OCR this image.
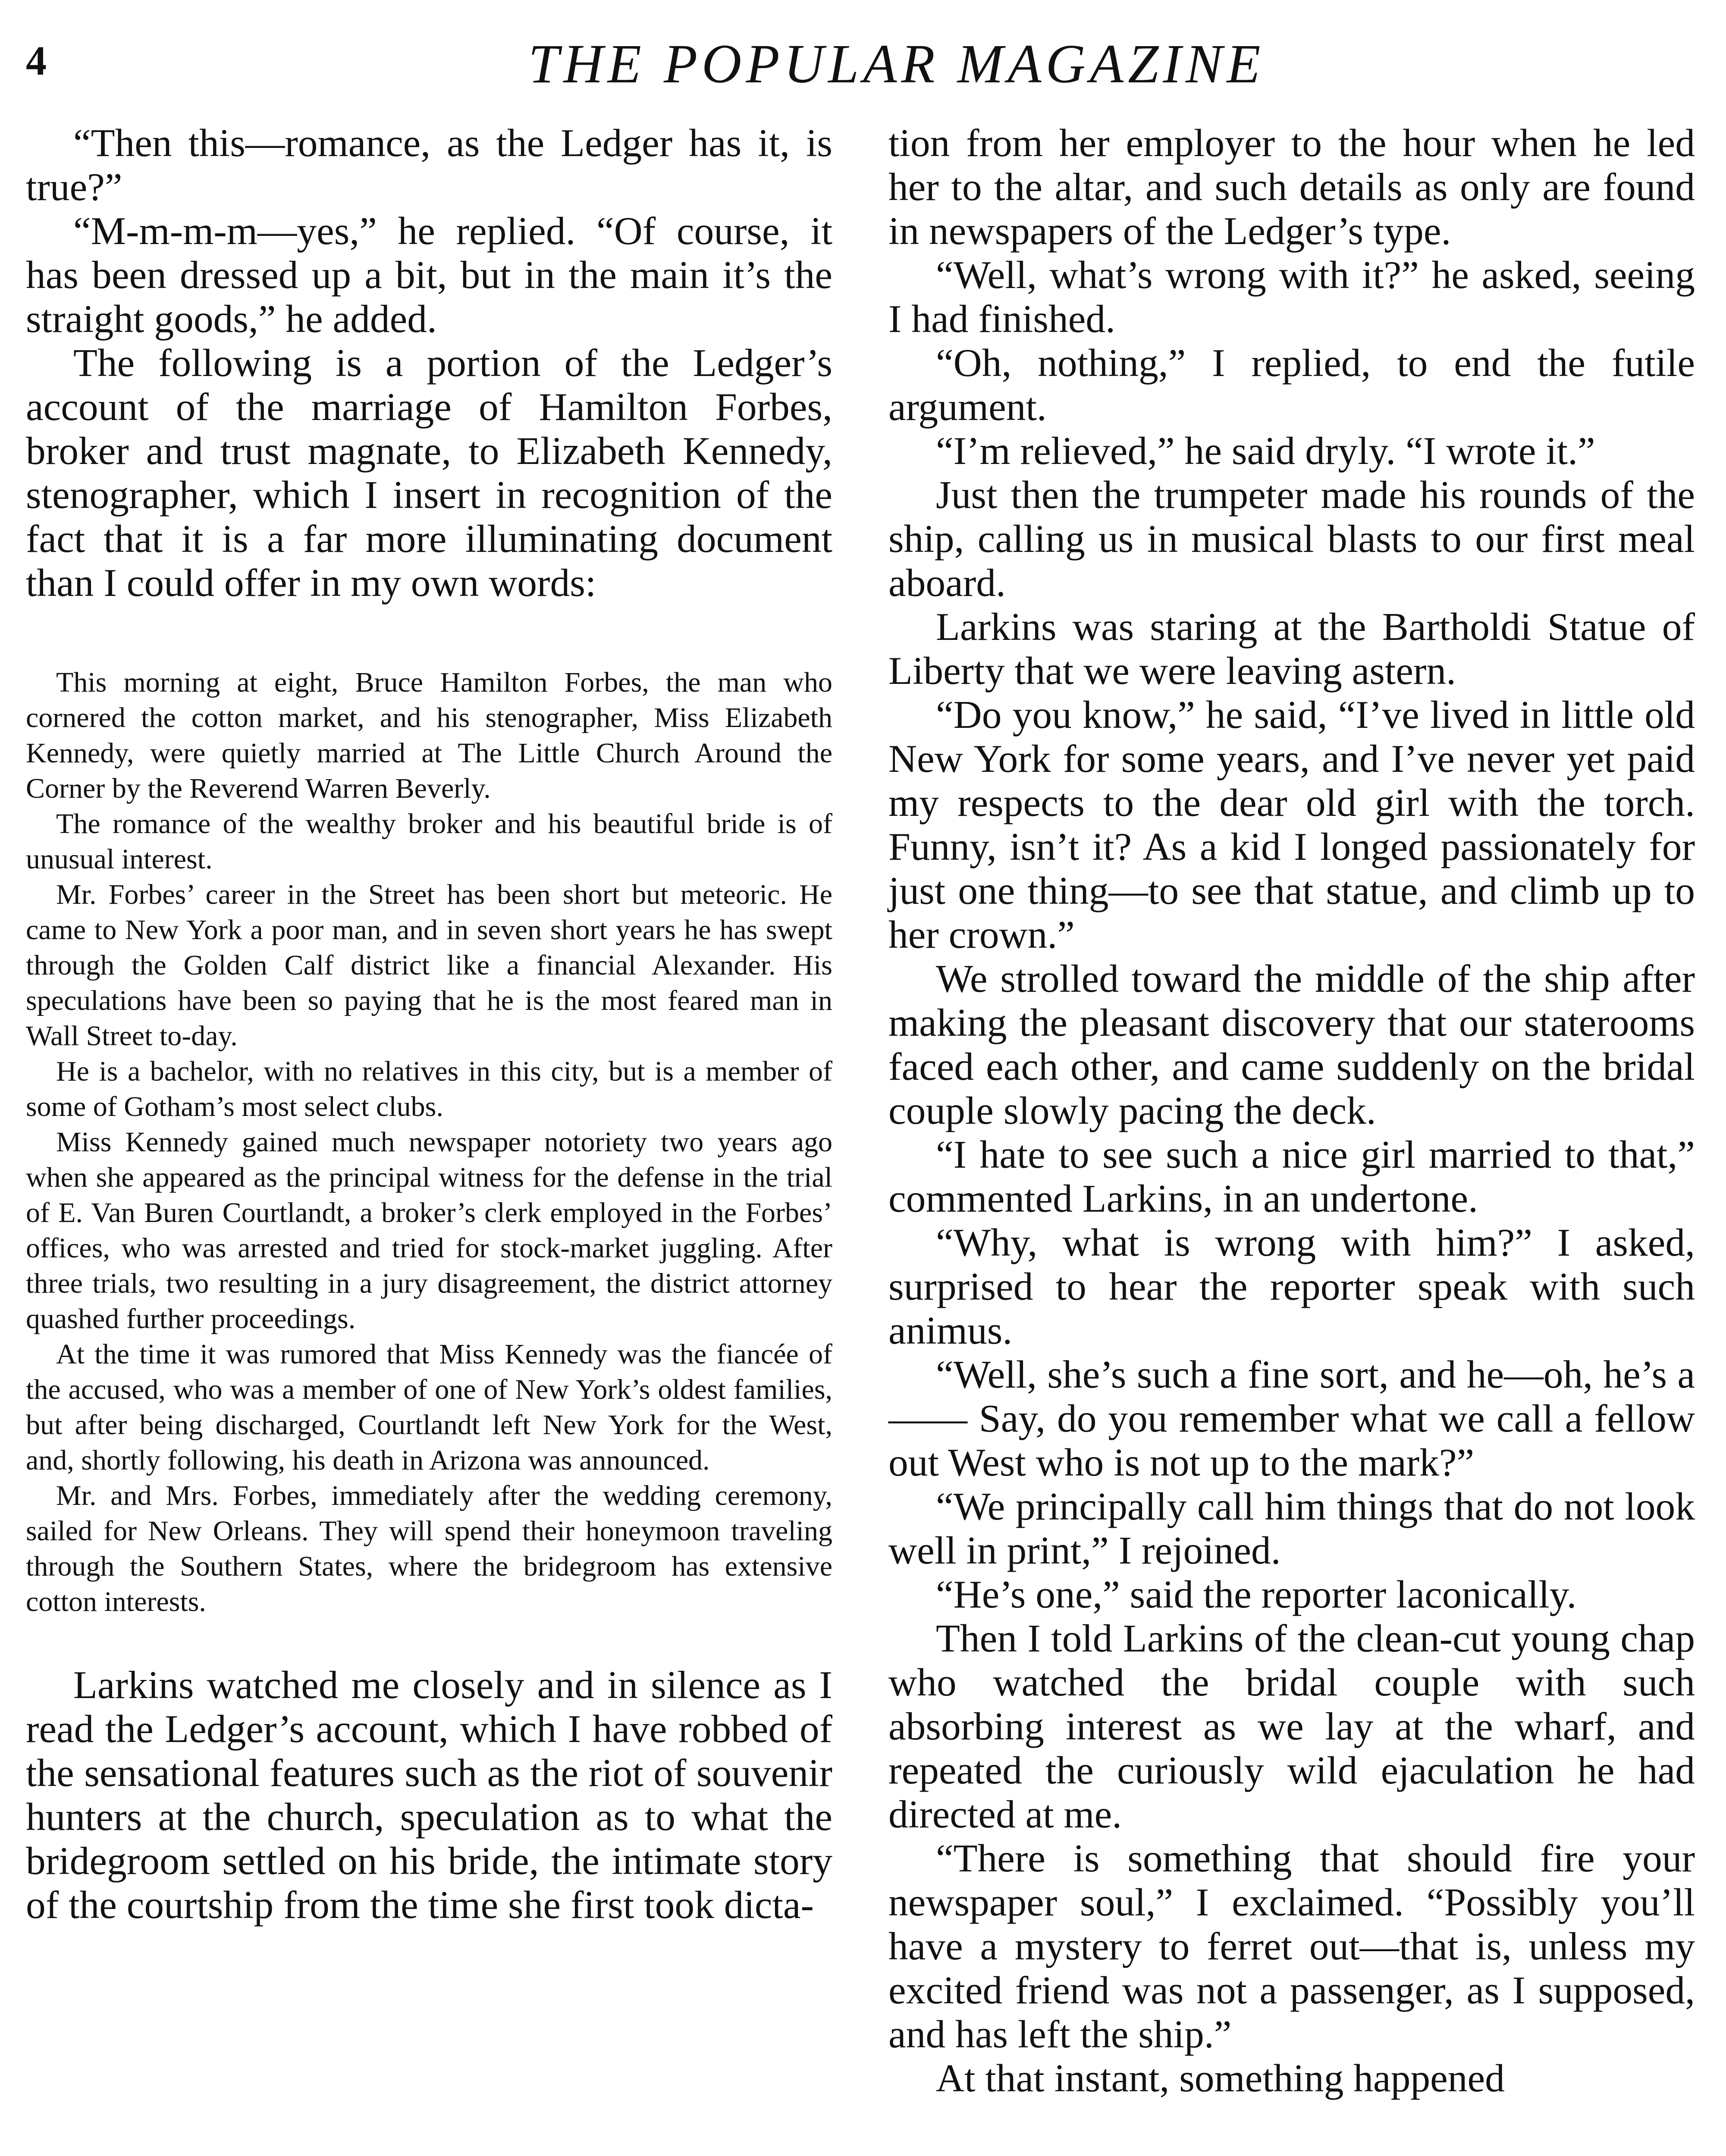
4	THE POPULAR MAGAZINE

“Then this—romance, as the Ledger has it, is true?”

“M-m-m-m—yes,” he replied. “Of course, it has been dressed up a bit, but in the main it’s the straight goods,” he added.

The following is a portion of the Ledger’s account of the marriage of Hamilton Forbes, broker and trust magnate, to Elizabeth Kennedy, stenographer, which I insert in recognition of the fact that it is a far more illuminating document than I could offer in my own words:

This morning at eight, Bruce Hamilton Forbes, the man who cornered the cotton market, and his stenographer, Miss Elizabeth Kennedy, were quietly married at The Little Church Around the Corner by the Reverend Warren Beverly.

The romance of the wealthy broker and his beautiful bride is of unusual interest.

Mr. Forbes’ career in the Street has been short but meteoric. He came to New York a poor man, and in seven short years he has swept through the Golden Calf district like a financial Alexander. His speculations have been so paying that he is the most feared man in Wall Street to-day.

He is a bachelor, with no relatives in this city, but is a member of some of Gotham’s most select clubs.

Miss Kennedy gained much newspaper notoriety two years ago when she appeared as the principal witness for the defense in the trial of E. Van Buren Courtlandt, a broker’s clerk employed in the Forbes’ offices, who was arrested and tried for stock-market juggling. After three trials, two resulting in a jury disagreement, the district attorney quashed further proceedings.

At the time it was rumored that Miss Kennedy was the fiancée of the accused, who was a member of one of New York’s oldest families, but after being discharged, Courtlandt left New York for the West, and, shortly following, his death in Arizona was announced.

Mr. and Mrs. Forbes, immediately after the wedding ceremony, sailed for New Orleans. They will spend their honeymoon traveling through the Southern States, where the bridegroom has extensive cotton interests.

Larkins watched me closely and in silence as I read the Ledger’s account, which I have robbed of the sensational features such as the riot of souvenir hunters at the church, speculation as to what the bridegroom settled on his bride, the intimate story of the courtship from the time she first took dicta-

tion from her employer to the hour when he led her to the altar, and such details as only are found in newspapers of the Ledger’s type.

“Well, what’s wrong with it?” he asked, seeing I had finished.

“Oh, nothing,” I replied, to end the futile argument.

“I’m relieved,” he said dryly. “I wrote it.”

Just then the trumpeter made his rounds of the ship, calling us in musical blasts to our first meal aboard.

Larkins was staring at the Bartholdi Statue of Liberty that we were leaving astern.

“Do you know,” he said, “I’ve lived in little old New York for some years, and I’ve never yet paid my respects to the dear old girl with the torch. Funny, isn’t it? As a kid I longed passionately for just one thing—to see that statue, and climb up to her crown.”

We strolled toward the middle of the ship after making the pleasant discovery that our staterooms faced each other, and came suddenly on the bridal couple slowly pacing the deck.

“I hate to see such a nice girl married to that,” commented Larkins, in an undertone.

“Why, what is wrong with him?” I asked, surprised to hear the reporter speak with such animus.

“Well, she’s such a fine sort, and he—oh, he’s a—— Say, do you remember what we call a fellow out West who is not up to the mark?”

“We principally call him things that do not look well in print,” I rejoined.

“He’s one,” said the reporter laconically.

Then I told Larkins of the clean-cut young chap who watched the bridal couple with such absorbing interest as we lay at the wharf, and repeated the curiously wild ejaculation he had directed at me.

“There is something that should fire your newspaper soul,” I exclaimed. “Possibly you’ll have a mystery to ferret out—that is, unless my excited friend was not a passenger, as I supposed, and has left the ship.”

At that instant, something happened
